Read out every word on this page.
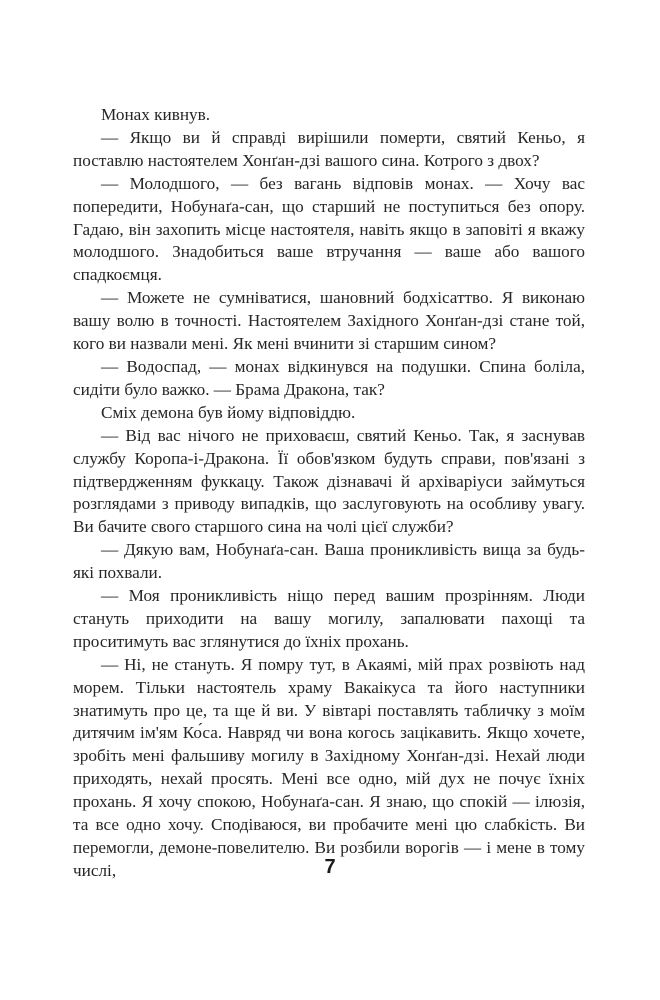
Монах кивнув.

— Якщо ви й справді вирішили померти, святий Кеньо, я поставлю настоятелем Хонґан-дзі вашого сина. Котрого з двох?

— Молодшого, — без вагань відповів монах. — Хочу вас попередити, Нобунаґа-сан, що старший не поступиться без опору. Гадаю, він захопить місце настоятеля, навіть якщо в заповіті я вкажу молодшого. Знадобиться ваше втручання — ваше або вашого спадкоємця.

— Можете не сумніватися, шановний бодхісаттво. Я виконаю вашу волю в точності. Настоятелем Західного Хонґан-дзі стане той, кого ви назвали мені. Як мені вчинити зі старшим сином?

— Водоспад, — монах відкинувся на подушки. Спина боліла, сидіти було важко. — Брама Дракона, так?

Сміх демона був йому відповіддю.

— Від вас нічого не приховаєш, святий Кеньо. Так, я заснував службу Коропа-і-Дракона. Її обов'язком будуть справи, пов'язані з підтвердженням фуккацу. Також дізнавачі й архіваріуси займуться розглядами з приводу випадків, що заслуговують на особливу увагу. Ви бачите свого старшого сина на чолі цієї служби?

— Дякую вам, Нобунаґа-сан. Ваша проникливість вища за будь-які похвали.

— Моя проникливість ніщо перед вашим прозрінням. Люди стануть приходити на вашу могилу, запалювати пахощі та проситимуть вас зглянутися до їхніх прохань.

— Ні, не стануть. Я помру тут, в Акаямі, мій прах розвіють над морем. Тільки настоятель храму Вакаікуса та його наступники знатимуть про це, та ще й ви. У вівтарі поставлять табличку з моїм дитячим ім'ям Ко́са. Навряд чи вона когось зацікавить. Якщо хочете, зробіть мені фальшиву могилу в Західному Хонґан-дзі. Нехай люди приходять, нехай просять. Мені все одно, мій дух не почує їхніх прохань. Я хочу спокою, Нобунаґа-сан. Я знаю, що спокій — ілюзія, та все одно хочу. Сподіваюся, ви пробачите мені цю слабкість. Ви перемогли, демоне-повелителю. Ви розбили ворогів — і мене в тому числі,	7
